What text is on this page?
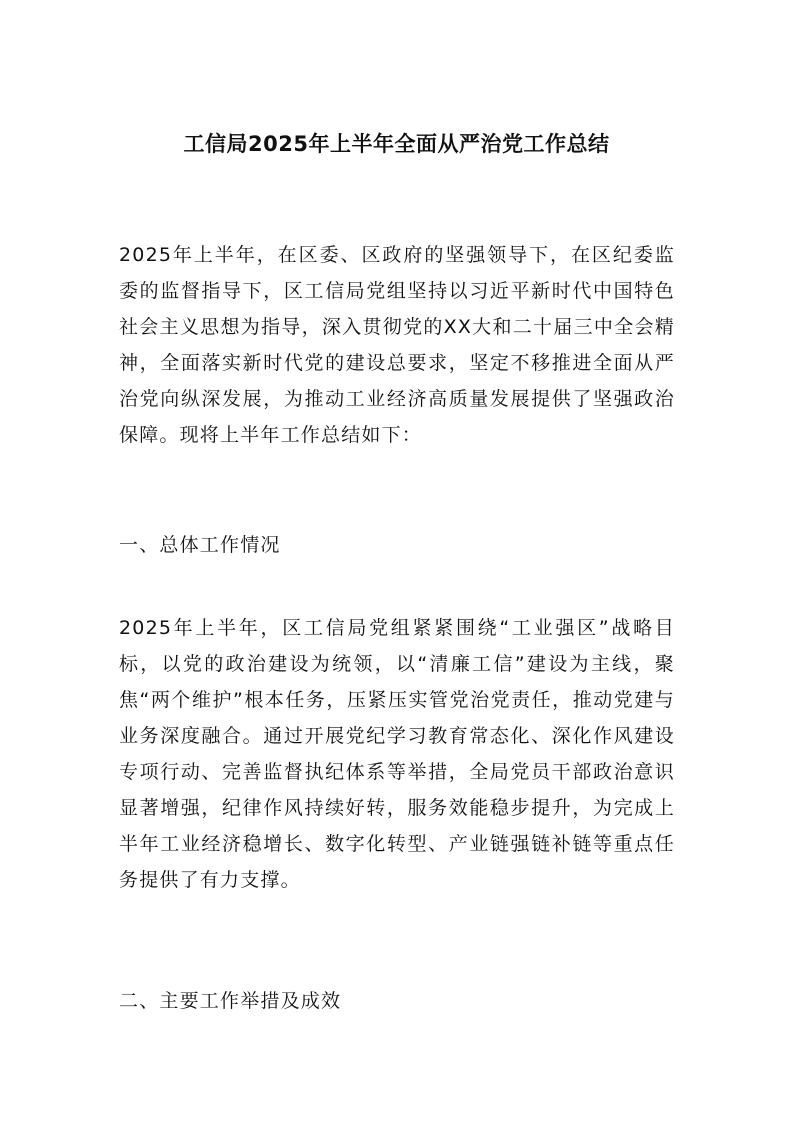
工信局2025年上半年全面从严治党工作总结

2025年上半年，在区委、区政府的坚强领导下，在区纪委监委的监督指导下，区工信局党组坚持以习近平新时代中国特色社会主义思想为指导，深入贯彻党的XX大和二十届三中全会精神，全面落实新时代党的建设总要求，坚定不移推进全面从严治党向纵深发展，为推动工业经济高质量发展提供了坚强政治保障。现将上半年工作总结如下：

一、总体工作情况

2025年上半年，区工信局党组紧紧围绕“工业强区”战略目标，以党的政治建设为统领，以“清廉工信”建设为主线，聚焦“两个维护”根本任务，压紧压实管党治党责任，推动党建与业务深度融合。通过开展党纪学习教育常态化、深化作风建设专项行动、完善监督执纪体系等举措，全局党员干部政治意识显著增强，纪律作风持续好转，服务效能稳步提升，为完成上半年工业经济稳增长、数字化转型、产业链强链补链等重点任务提供了有力支撑。

二、主要工作举措及成效
